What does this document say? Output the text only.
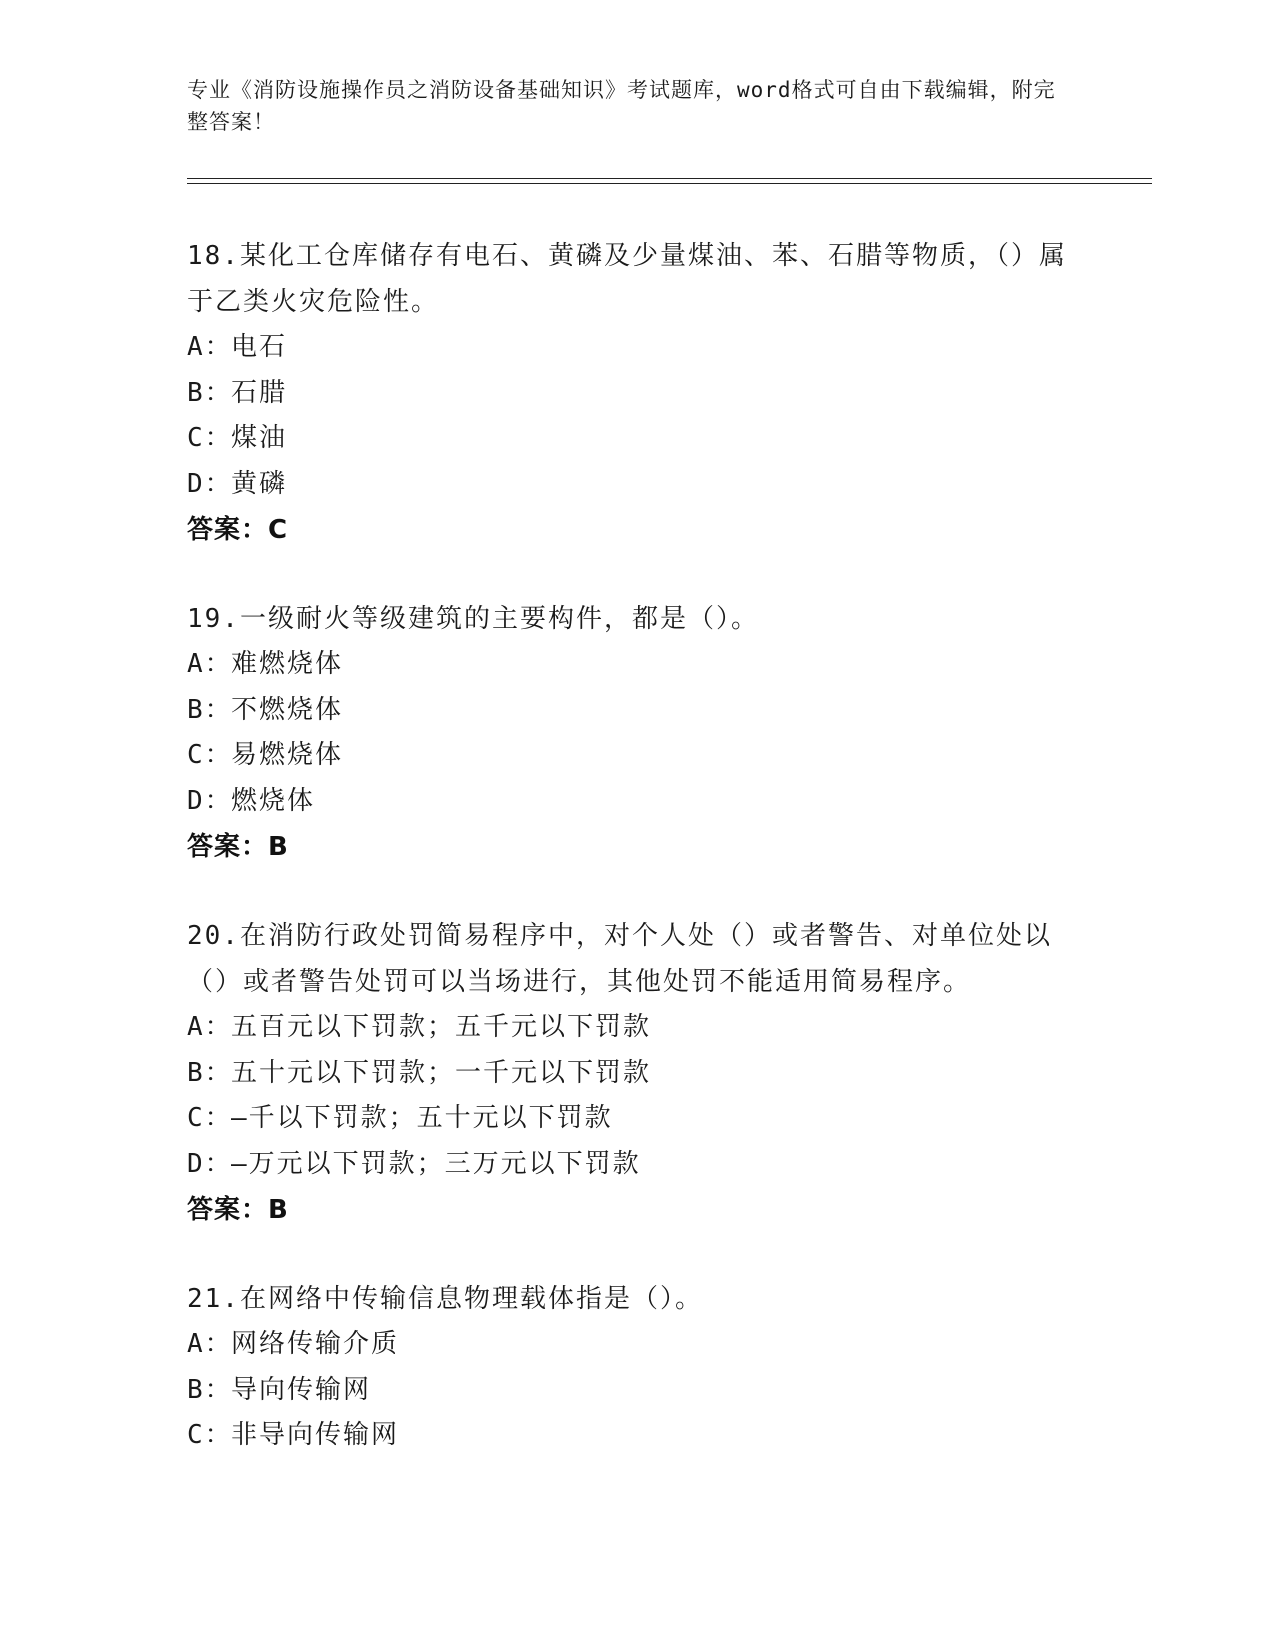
专业《消防设施操作员之消防设备基础知识》考试题库，word格式可自由下载编辑，附完整答案！
18.某化工仓库储存有电石、黄磷及少量煤油、苯、石腊等物质，（）属于乙类火灾危险性。
A：电石
B：石腊
C：煤油
D：黄磷
答案：C
19.一级耐火等级建筑的主要构件，都是（）。
A：难燃烧体
B：不燃烧体
C：易燃烧体
D：燃烧体
答案：B
20.在消防行政处罚简易程序中，对个人处（）或者警告、对单位处以（）或者警告处罚可以当场进行，其他处罚不能适用简易程序。
A：五百元以下罚款；五千元以下罚款
B：五十元以下罚款；一千元以下罚款
C：—千以下罚款；五十元以下罚款
D：—万元以下罚款；三万元以下罚款
答案：B
21.在网络中传输信息物理载体指是（）。
A：网络传输介质
B：导向传输网
C：非导向传输网
